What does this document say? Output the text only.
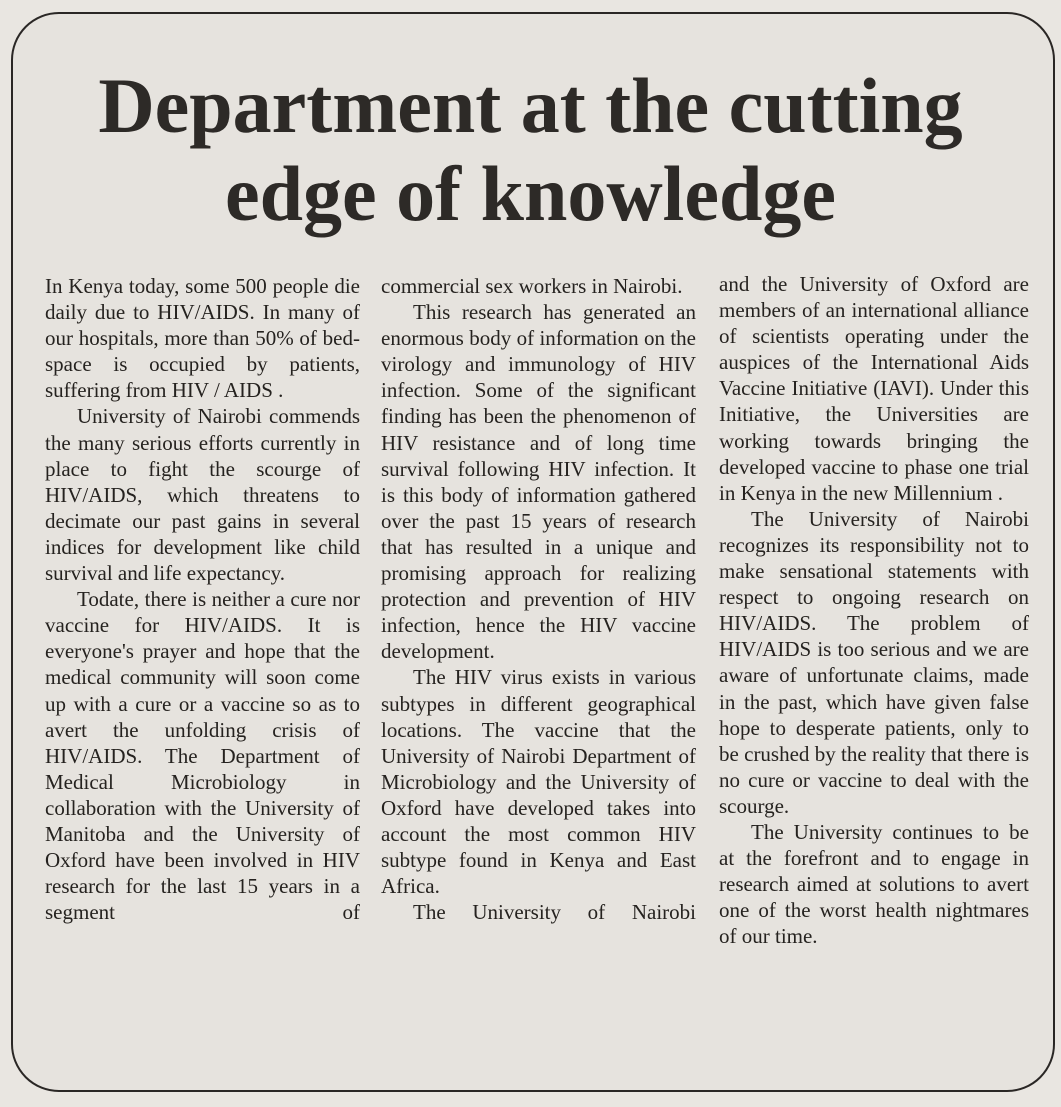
Department at the cutting
edge of knowledge

In Kenya today, some 500 people die daily due to HIV/AIDS. In many of our hospitals, more than 50% of bed-space is occupied by patients, suffering from HIV / AIDS .

University of Nairobi commends the many serious efforts currently in place to fight the scourge of HIV/AIDS, which threatens to decimate our past gains in several indices for development like child survival and life expectancy.

Todate, there is neither a cure nor vaccine for HIV/AIDS. It is everyone's prayer and hope that the medical community will soon come up with a cure or a vaccine so as to avert the unfolding crisis of HIV/AIDS. The Department of Medical Microbiology in collaboration with the University of Manitoba and the University of Oxford have been involved in HIV research for the last 15 years in a segment of

commercial sex workers in Nairobi.

This research has generated an enormous body of information on the virology and immunology of HIV infection. Some of the significant finding has been the phenomenon of HIV resistance and of long time survival following HIV infection. It is this body of information gathered over the past 15 years of research that has resulted in a unique and promising approach for realizing protection and prevention of HIV infection, hence the HIV vaccine development.

The HIV virus exists in various subtypes in different geographical locations. The vaccine that the University of Nairobi Department of Microbiology and the University of Oxford have developed takes into account the most common HIV subtype found in Kenya and East Africa.

The University of Nairobi

and the University of Oxford are members of an international alliance of scientists operating under the auspices of the International Aids Vaccine Initiative (IAVI). Under this Initiative, the Universities are working towards bringing the developed vaccine to phase one trial in Kenya in the new Millennium .

The University of Nairobi recognizes its responsibility not to make sensational statements with respect to ongoing research on HIV/AIDS. The problem of HIV/AIDS is too serious and we are aware of unfortunate claims, made in the past, which have given false hope to desperate patients, only to be crushed by the reality that there is no cure or vaccine to deal with the scourge.

The University continues to be at the forefront and to engage in research aimed at solutions to avert one of the worst health nightmares of our time.
